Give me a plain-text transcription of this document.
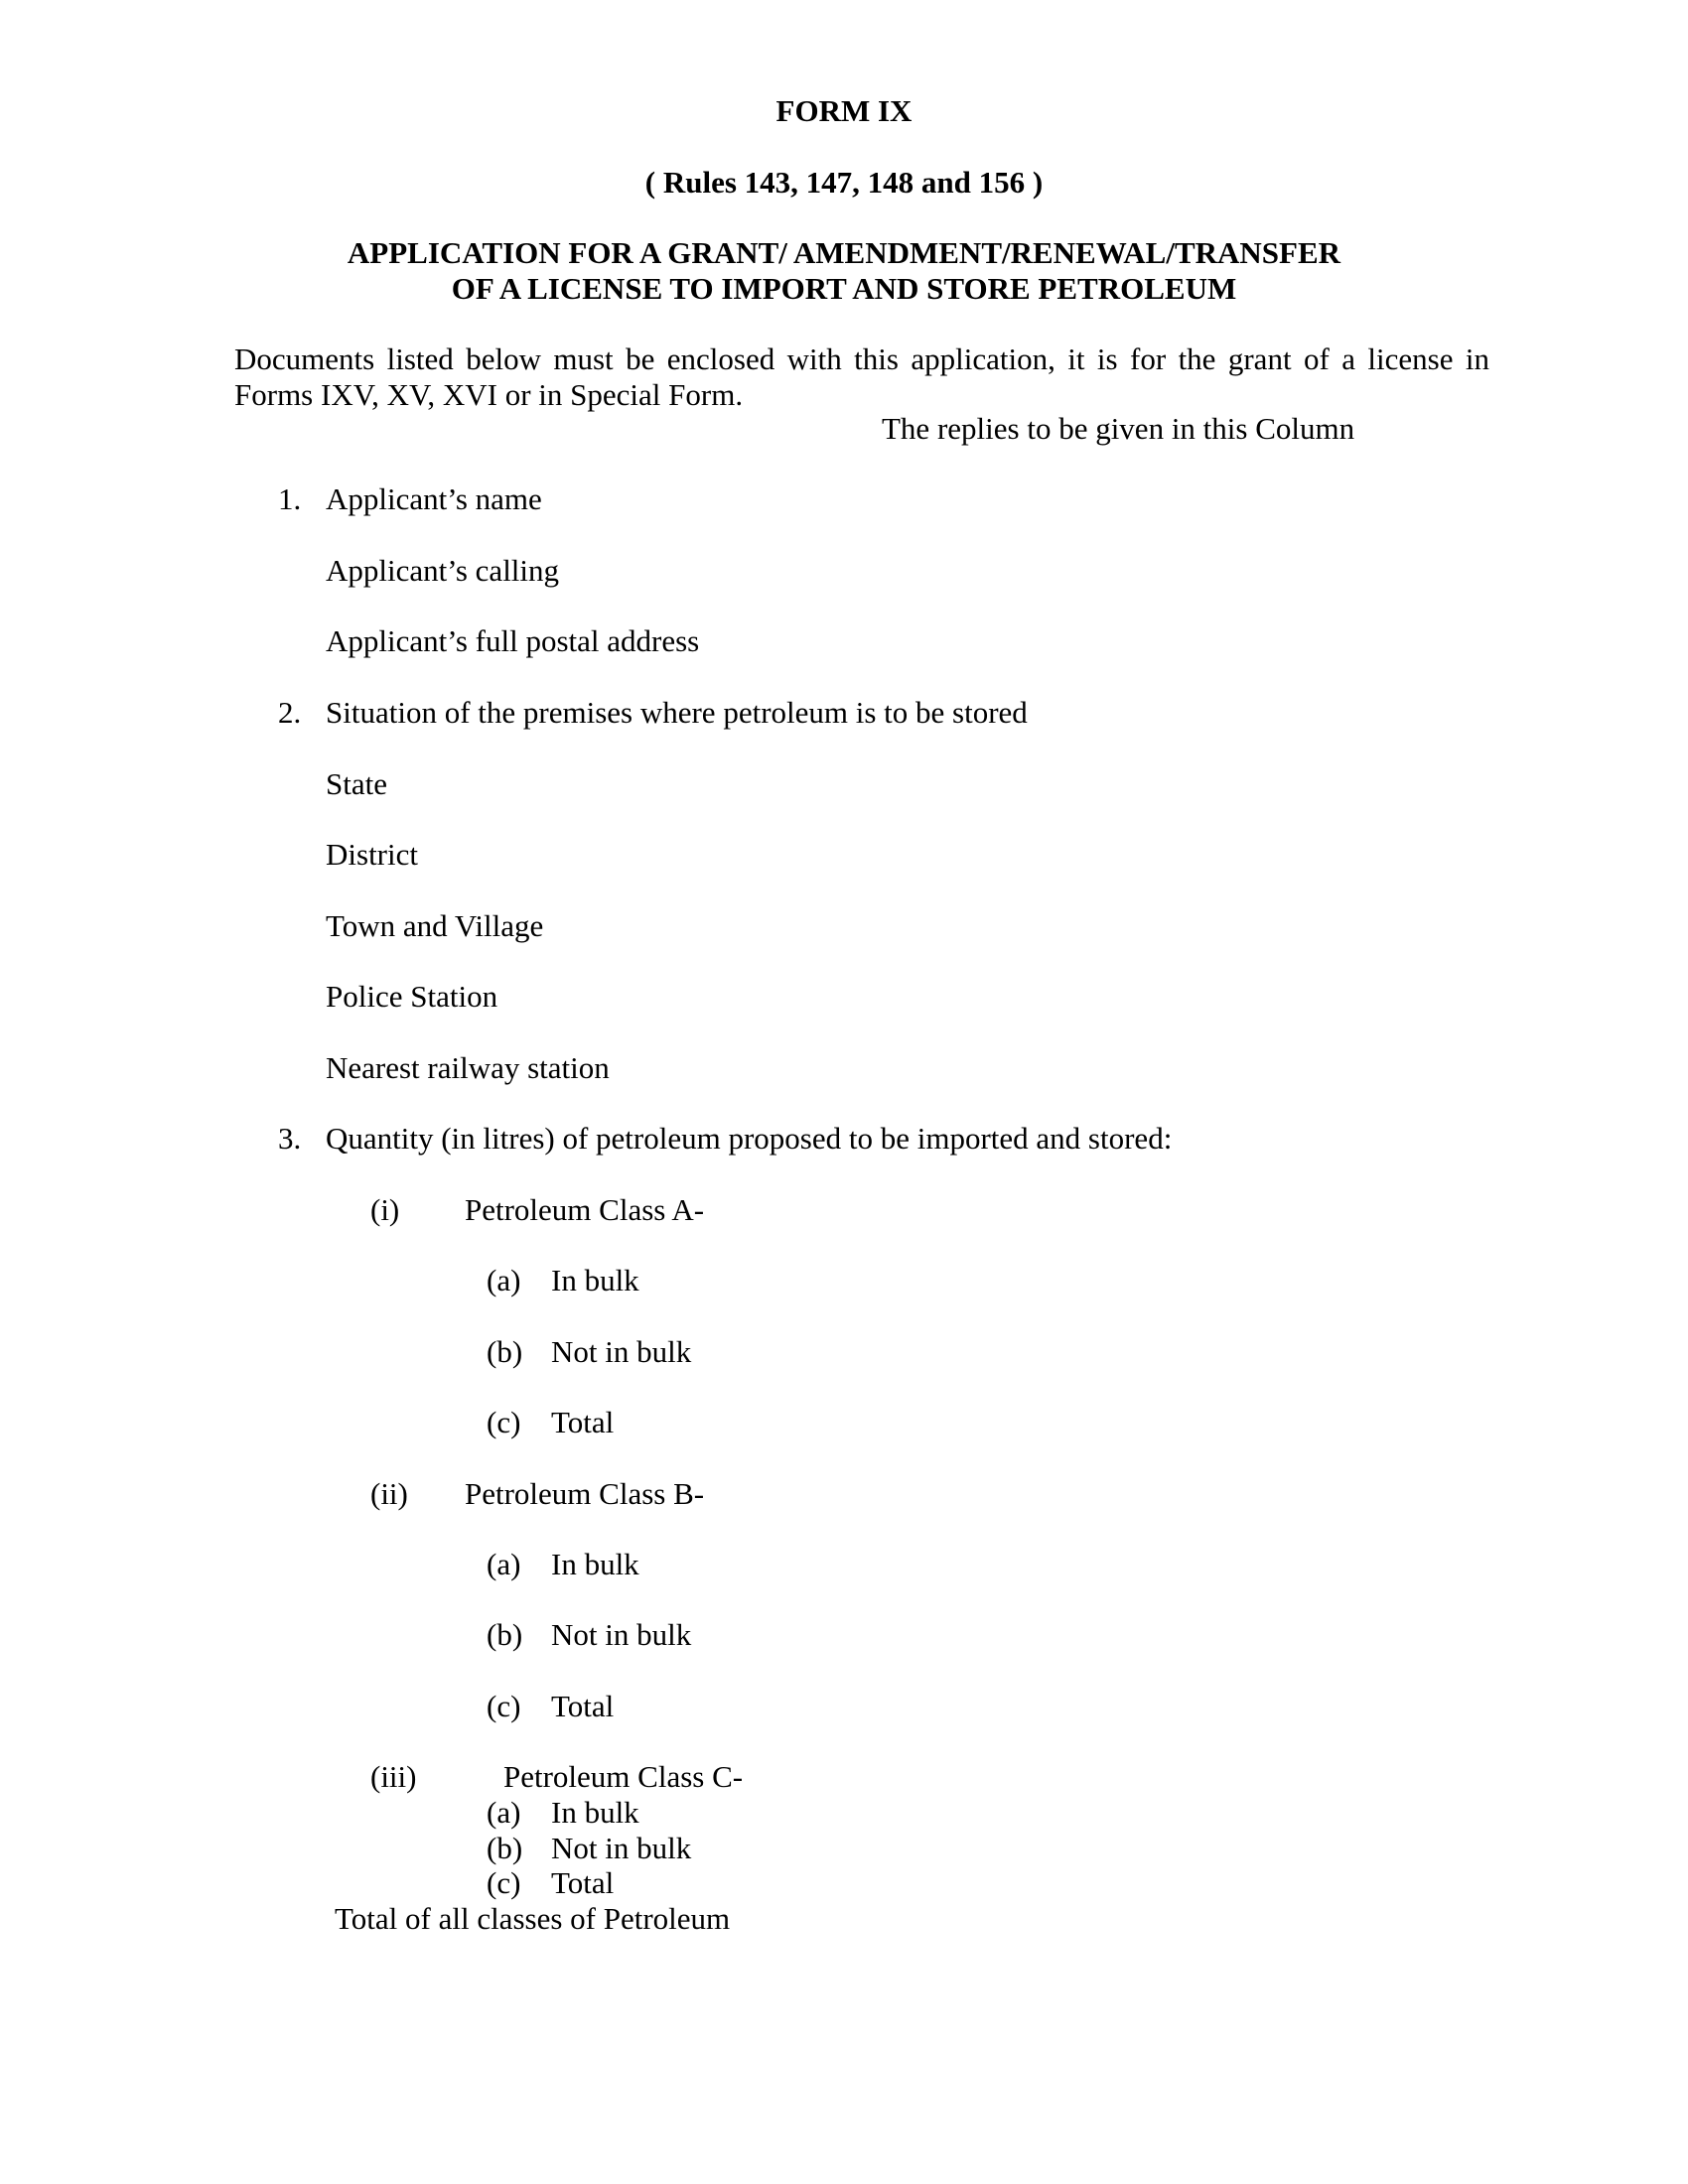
FORM IX
( Rules 143, 147, 148 and 156 )
APPLICATION FOR A GRANT/ AMENDMENT/RENEWAL/TRANSFER
OF A LICENSE TO IMPORT AND STORE PETROLEUM
Documents listed below must be enclosed with this application, it is for the grant of a license in Forms IXV, XV, XVI or in Special Form.
The replies to be given in this Column
1. Applicant’s name
Applicant’s calling
Applicant’s full postal address
2. Situation of the premises where petroleum is to be stored
State
District
Town and Village
Police Station
Nearest railway station
3. Quantity (in litres) of petroleum proposed to be imported and stored:
(i) Petroleum Class A-
(a) In bulk
(b) Not in bulk
(c) Total
(ii) Petroleum Class B-
(a) In bulk
(b) Not in bulk
(c) Total
(iii)	Petroleum Class C-
(a) In bulk
(b) Not in bulk
(c) Total
Total of all classes of Petroleum
